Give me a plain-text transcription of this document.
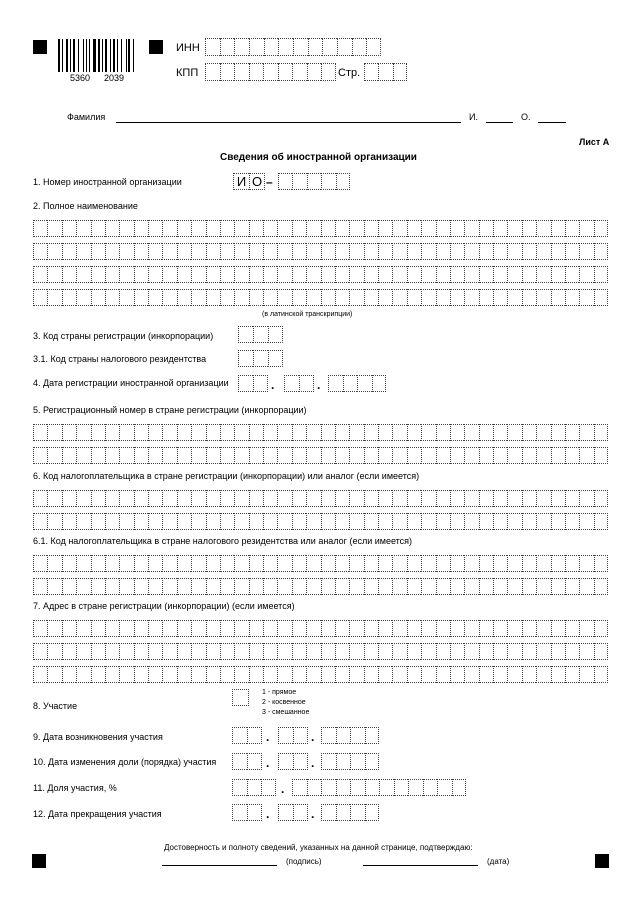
5360 2039
ИНН
КПП	Стр.
Фамилия	И.	О.
Лист А
Сведения об иностранной организации
1. Номер иностранной организации	И О –
2. Полное наименование
(в латинской транскрипции)
3. Код страны регистрации (инкорпорации)
3.1. Код страны налогового резидентства
4. Дата регистрации иностранной организации	.	.
5. Регистрационный номер в стране регистрации (инкорпорации)
6. Код налогоплательщика в стране регистрации (инкорпорации) или аналог (если имеется)
6.1. Код налогоплательщика в стране налогового резидентства или аналог (если имеется)
7. Адрес в стране регистрации (инкорпорации) (если имеется)
8. Участие
1 - прямое
2 - косвенное
3 - смешанное
9. Дата возникновения участия	.	.
10. Дата изменения доли (порядка) участия	.	.
11. Доля участия, %	.
12. Дата прекращения участия	.	.
Достоверность и полноту сведений, указанных на данной странице, подтверждаю:
(подпись)	(дата)
